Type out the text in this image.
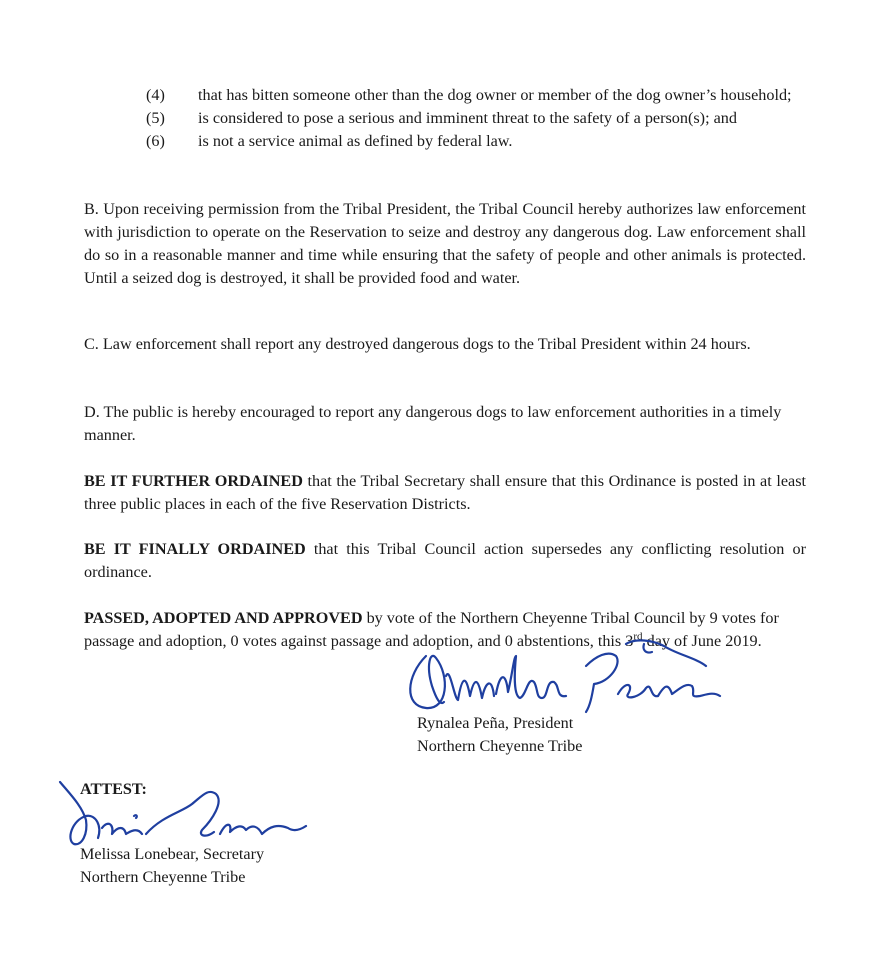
(4)	that has bitten someone other than the dog owner or member of the dog owner’s household;
(5)	is considered to pose a serious and imminent threat to the safety of a person(s); and
(6)	is not a service animal as defined by federal law.

B. Upon receiving permission from the Tribal President, the Tribal Council hereby authorizes law enforcement with jurisdiction to operate on the Reservation to seize and destroy any dangerous dog. Law enforcement shall do so in a reasonable manner and time while ensuring that the safety of people and other animals is protected. Until a seized dog is destroyed, it shall be provided food and water.

C. Law enforcement shall report any destroyed dangerous dogs to the Tribal President within 24 hours.

D. The public is hereby encouraged to report any dangerous dogs to law enforcement authorities in a timely manner.

BE IT FURTHER ORDAINED that the Tribal Secretary shall ensure that this Ordinance is posted in at least three public places in each of the five Reservation Districts.

BE IT FINALLY ORDAINED that this Tribal Council action supersedes any conflicting resolution or ordinance.

PASSED, ADOPTED AND APPROVED by vote of the Northern Cheyenne Tribal Council by 9 votes for passage and adoption, 0 votes against passage and adoption, and 0 abstentions, this 3rd day of June 2019.

Rynalea Peña, President
Northern Cheyenne Tribe
ATTEST:
Melissa Lonebear, Secretary
Northern Cheyenne Tribe
